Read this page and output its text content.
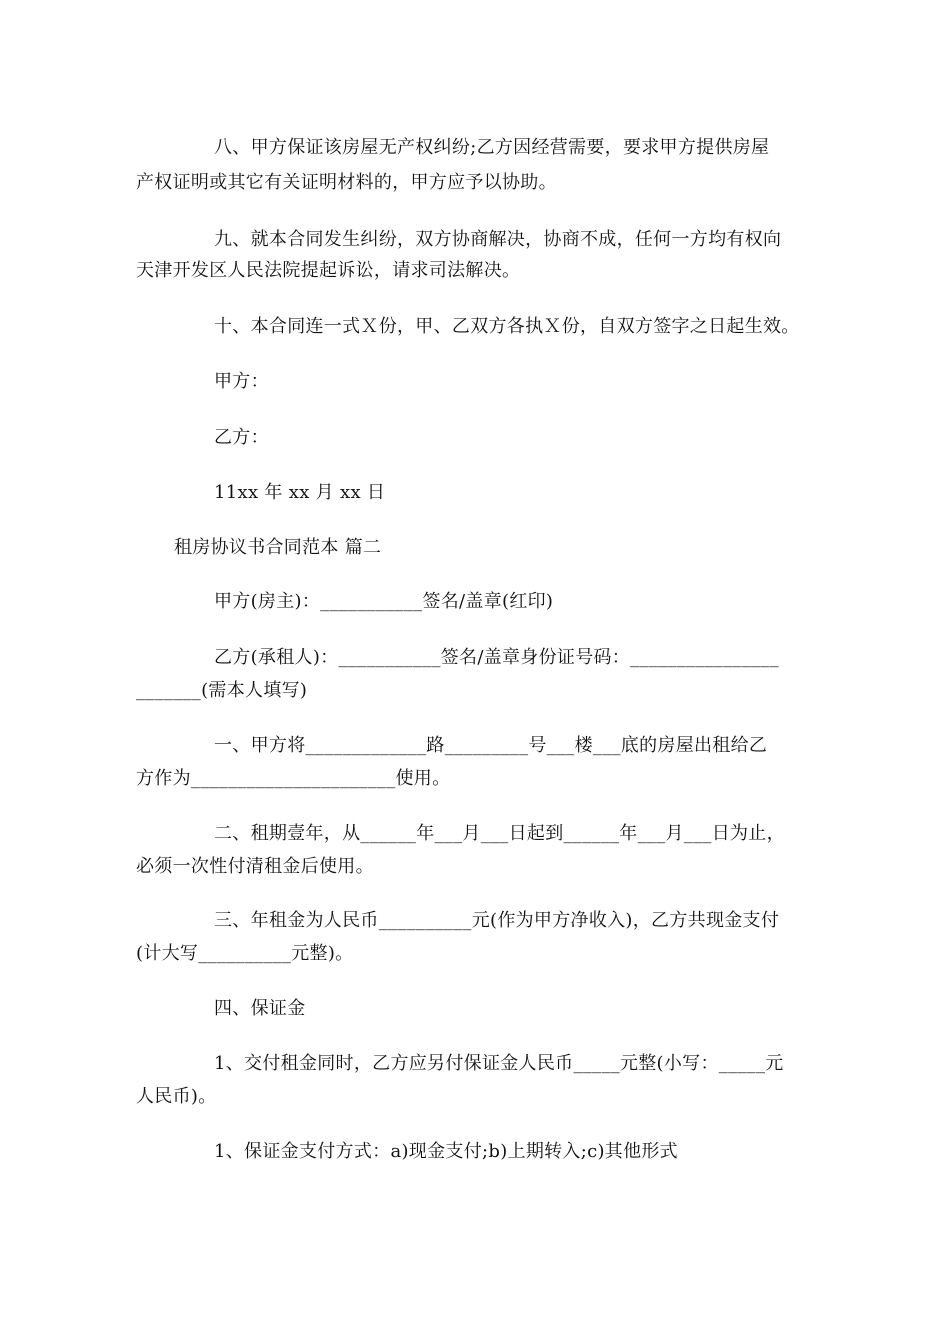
八、甲方保证该房屋无产权纠纷;乙方因经营需要，要求甲方提供房屋
产权证明或其它有关证明材料的，甲方应予以协助。
九、就本合同发生纠纷，双方协商解决，协商不成，任何一方均有权向
天津开发区人民法院提起诉讼，请求司法解决。
十、本合同连一式Ｘ份，甲、乙双方各执Ｘ份，自双方签字之日起生效。
甲方：
乙方：
11xx 年 xx 月 xx 日
租房协议书合同范本 篇二
甲方(房主)：___________签名/盖章(红印)
乙方(承租人)：___________签名/盖章身份证号码：________________
_______(需本人填写)
一、甲方将_____________路_________号___楼___底的房屋出租给乙
方作为______________________使用。
二、租期壹年，从______年___月___日起到______年___月___日为止，
必须一次性付清租金后使用。
三、年租金为人民币__________元(作为甲方净收入)，乙方共现金支付
(计大写__________元整)。
四、保证金
1、交付租金同时，乙方应另付保证金人民币_____元整(小写：_____元
人民币)。
1、保证金支付方式：a)现金支付;b)上期转入;c)其他形式
